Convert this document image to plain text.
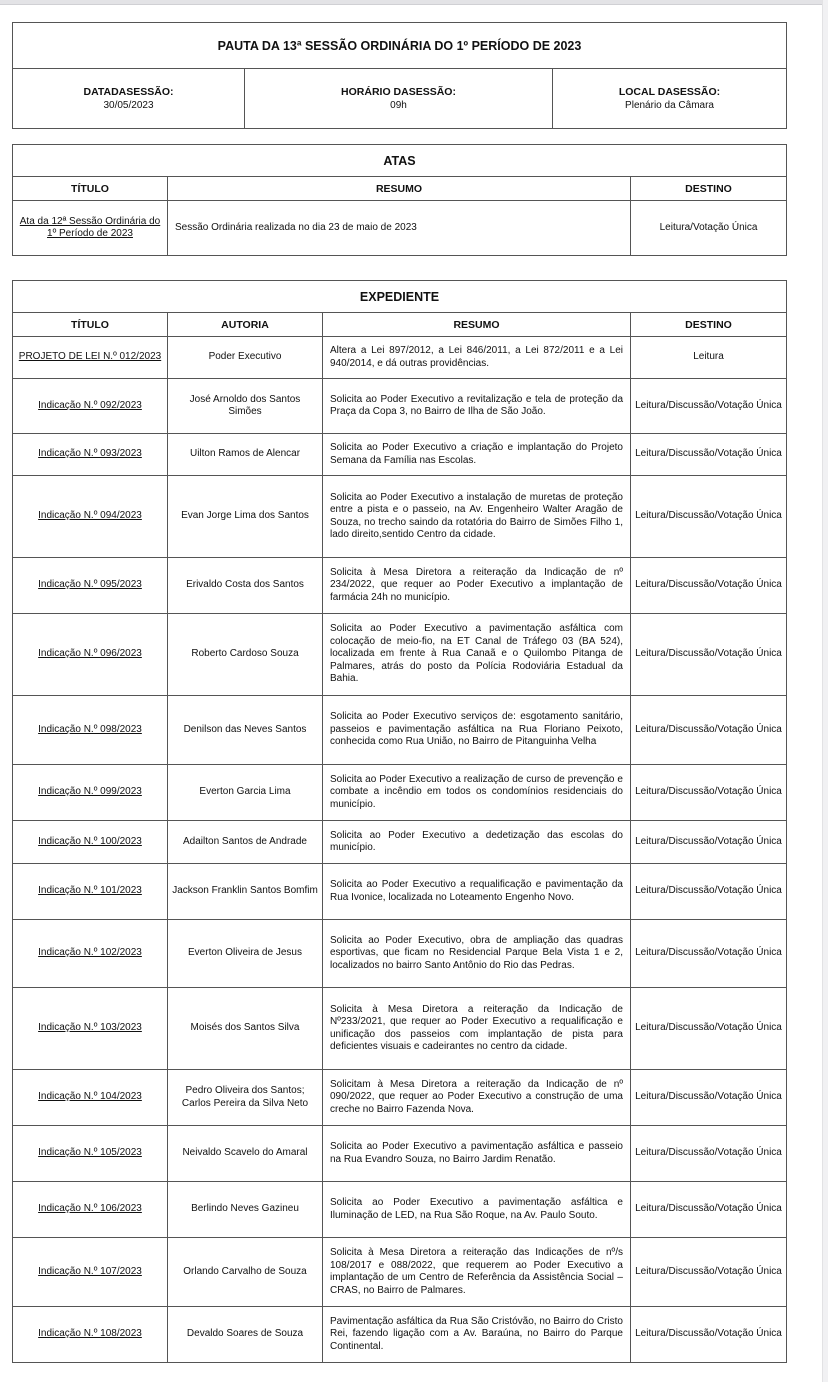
PAUTA DA 13ª SESSÃO ORDINÁRIA DO 1º PERÍODO DE 2023

DATADASESSÃO:
30/05/2023	
HORÁRIO DASESSÃO:
09h	
LOCAL DASESSÃO:
Plenário da Câmara
ATAS		
TÍTULO	RESUMO	DESTINO
Ata da 12ª Sessão Ordinária do 1º Período de 2023	Sessão Ordinária realizada no dia 23 de maio de 2023	Leitura/Votação Única
EXPEDIENTE			
TÍTULO	AUTORIA	RESUMO	DESTINO
PROJETO DE LEI N.º 012/2023	Poder Executivo	Altera a Lei 897/2012, a Lei 846/2011, a Lei 872/2011 e a Lei 940/2014, e dá outras providências.	Leitura
Indicação N.º 092/2023	José Arnoldo dos Santos Simões	Solicita ao Poder Executivo a revitalização e tela de proteção da Praça da Copa 3, no Bairro de Ilha de São João.	Leitura/Discussão/Votação Única
Indicação N.º 093/2023	Uilton Ramos de Alencar	Solicita ao Poder Executivo a criação e implantação do Projeto Semana da Família nas Escolas.	Leitura/Discussão/Votação Única
Indicação N.º 094/2023	Evan Jorge Lima dos Santos	Solicita ao Poder Executivo a instalação de muretas de proteção entre a pista e o passeio, na Av. Engenheiro Walter Aragão de Souza, no trecho saindo da rotatória do Bairro de Simões Filho 1, lado direito,sentido Centro da cidade.	Leitura/Discussão/Votação Única
Indicação N.º 095/2023	Erivaldo Costa dos Santos	Solicita à Mesa Diretora a reiteração da Indicação de nº 234/2022, que requer ao Poder Executivo a implantação de farmácia 24h no município.	Leitura/Discussão/Votação Única
Indicação N.º 096/2023	Roberto Cardoso Souza	Solicita ao Poder Executivo a pavimentação asfáltica com colocação de meio-fio, na ET Canal de Tráfego 03 (BA 524), localizada em frente à Rua Canaã e o Quilombo Pitanga de Palmares, atrás do posto da Polícia Rodoviária Estadual da Bahia.	Leitura/Discussão/Votação Única
Indicação N.º 098/2023	Denilson das Neves Santos	Solicita ao Poder Executivo serviços de: esgotamento sanitário, passeios e pavimentação asfáltica na Rua Floriano Peixoto, conhecida como Rua União, no Bairro de Pitanguinha Velha	Leitura/Discussão/Votação Única
Indicação N.º 099/2023	Everton Garcia Lima	Solicita ao Poder Executivo a realização de curso de prevenção e combate a incêndio em todos os condomínios residenciais do município.	Leitura/Discussão/Votação Única
Indicação N.º 100/2023	Adailton Santos de Andrade	Solicita ao Poder Executivo a dedetização das escolas do município.	Leitura/Discussão/Votação Única
Indicação N.º 101/2023	Jackson Franklin Santos Bomfim	Solicita ao Poder Executivo a requalificação e pavimentação da Rua Ivonice, localizada no Loteamento Engenho Novo.	Leitura/Discussão/Votação Única
Indicação N.º 102/2023	Everton Oliveira de Jesus	Solicita ao Poder Executivo, obra de ampliação das quadras esportivas, que ficam no Residencial Parque Bela Vista 1 e 2, localizados no bairro Santo Antônio do Rio das Pedras.	Leitura/Discussão/Votação Única
Indicação N.º 103/2023	Moisés dos Santos Silva	Solicita à Mesa Diretora a reiteração da Indicação de Nº233/2021, que requer ao Poder Executivo a requalificação e unificação dos passeios com implantação de pista para deficientes visuais e cadeirantes no centro da cidade.	Leitura/Discussão/Votação Única
Indicação N.º 104/2023	Pedro Oliveira dos Santos; Carlos Pereira da Silva Neto	Solicitam à Mesa Diretora a reiteração da Indicação de nº 090/2022, que requer ao Poder Executivo a construção de uma creche no Bairro Fazenda Nova.	Leitura/Discussão/Votação Única
Indicação N.º 105/2023	Neivaldo Scavelo do Amaral	Solicita ao Poder Executivo a pavimentação asfáltica e passeio na Rua Evandro Souza, no Bairro Jardim Renatão.	Leitura/Discussão/Votação Única
Indicação N.º 106/2023	Berlindo Neves Gazineu	Solicita ao Poder Executivo a pavimentação asfáltica e Iluminação de LED, na Rua São Roque, na Av. Paulo Souto.	Leitura/Discussão/Votação Única
Indicação N.º 107/2023	Orlando Carvalho de Souza	Solicita à Mesa Diretora a reiteração das Indicações de nº/s 108/2017 e 088/2022, que requerem ao Poder Executivo a implantação de um Centro de Referência da Assistência Social – CRAS, no Bairro de Palmares.	Leitura/Discussão/Votação Única
Indicação N.º 108/2023	Devaldo Soares de Souza	Pavimentação asfáltica da Rua São Cristóvão, no Bairro do Cristo Rei, fazendo ligação com a Av. Baraúna, no Bairro do Parque Continental.	Leitura/Discussão/Votação Única
